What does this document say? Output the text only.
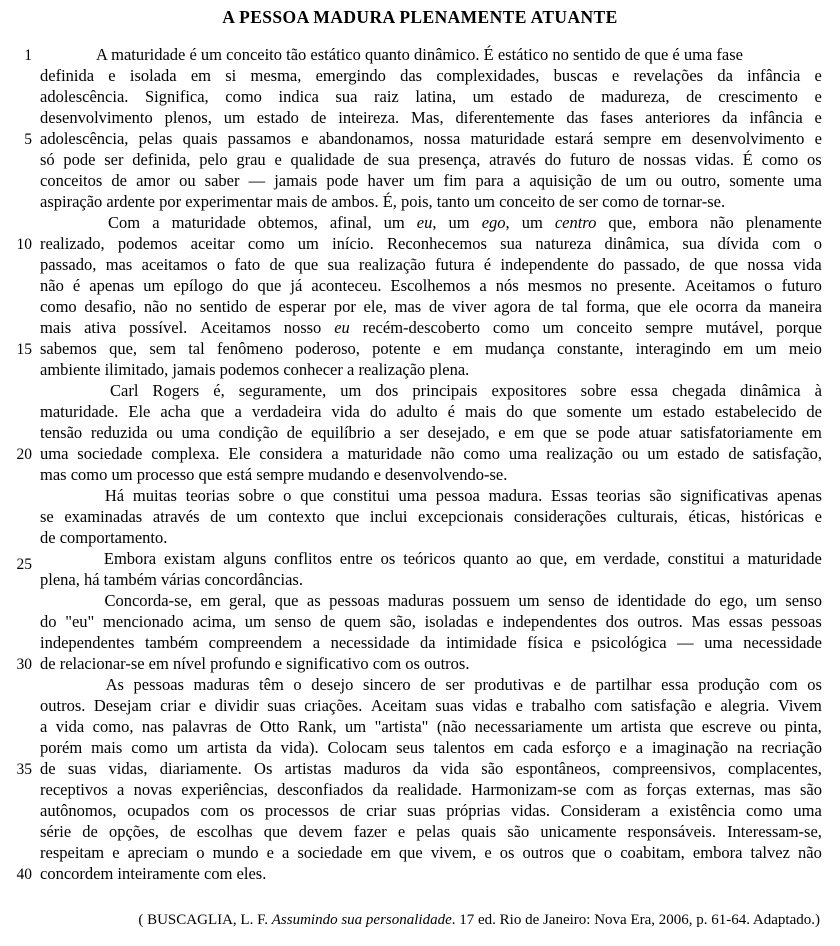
A PESSOA MADURA PLENAMENTE ATUANTE
1	A maturidade é um conceito tão estático quanto dinâmico. É estático no sentido de que é uma fase
definida e isolada em si mesma, emergindo das complexidades, buscas e revelações da infância e
adolescência. Significa, como indica sua raiz latina, um estado de madureza, de crescimento e
desenvolvimento plenos, um estado de inteireza. Mas, diferentemente das fases anteriores da infância e
5 adolescência, pelas quais passamos e abandonamos, nossa maturidade estará sempre em desenvolvimento e
só pode ser definida, pelo grau e qualidade de sua presença, através do futuro de nossas vidas. É como os
conceitos de amor ou saber — jamais pode haver um fim para a aquisição de um ou outro, somente uma
aspiração ardente por experimentar mais de ambos. É, pois, tanto um conceito de ser como de tornar-se.
Com a maturidade obtemos, afinal, um eu, um ego, um centro que, embora não plenamente
10 realizado, podemos aceitar como um início. Reconhecemos sua natureza dinâmica, sua dívida com o
passado, mas aceitamos o fato de que sua realização futura é independente do passado, de que nossa vida
não é apenas um epílogo do que já aconteceu. Escolhemos a nós mesmos no presente. Aceitamos o futuro
como desafio, não no sentido de esperar por ele, mas de viver agora de tal forma, que ele ocorra da maneira
mais ativa possível. Aceitamos nosso eu recém-descoberto como um conceito sempre mutável, porque
15 sabemos que, sem tal fenômeno poderoso, potente e em mudança constante, interagindo em um meio
ambiente ilimitado, jamais podemos conhecer a realização plena.
Carl Rogers é, seguramente, um dos principais expositores sobre essa chegada dinâmica à
maturidade. Ele acha que a verdadeira vida do adulto é mais do que somente um estado estabelecido de
tensão reduzida ou uma condição de equilíbrio a ser desejado, e em que se pode atuar satisfatoriamente em
20 uma sociedade complexa. Ele considera a maturidade não como uma realização ou um estado de satisfação,
mas como um processo que está sempre mudando e desenvolvendo-se.
Há muitas teorias sobre o que constitui uma pessoa madura. Essas teorias são significativas apenas
se examinadas através de um contexto que inclui excepcionais considerações culturais, éticas, históricas e
de comportamento.
25	Embora existam alguns conflitos entre os teóricos quanto ao que, em verdade, constitui a maturidade
plena, há também várias concordâncias.
Concorda-se, em geral, que as pessoas maduras possuem um senso de identidade do ego, um senso
do "eu" mencionado acima, um senso de quem são, isoladas e independentes dos outros. Mas essas pessoas
independentes também compreendem a necessidade da intimidade física e psicológica — uma necessidade
30 de relacionar-se em nível profundo e significativo com os outros.
As pessoas maduras têm o desejo sincero de ser produtivas e de partilhar essa produção com os
outros. Desejam criar e dividir suas criações. Aceitam suas vidas e trabalho com satisfação e alegria. Vivem
a vida como, nas palavras de Otto Rank, um "artista" (não necessariamente um artista que escreve ou pinta,
porém mais como um artista da vida). Colocam seus talentos em cada esforço e a imaginação na recriação
35 de suas vidas, diariamente. Os artistas maduros da vida são espontâneos, compreensivos, complacentes,
receptivos a novas experiências, desconfiados da realidade. Harmonizam-se com as forças externas, mas são
autônomos, ocupados com os processos de criar suas próprias vidas. Consideram a existência como uma
série de opções, de escolhas que devem fazer e pelas quais são unicamente responsáveis. Interessam-se,
respeitam e apreciam o mundo e a sociedade em que vivem, e os outros que o coabitam, embora talvez não
40 concordem inteiramente com eles.
( BUSCAGLIA, L. F. Assumindo sua personalidade. 17 ed. Rio de Janeiro: Nova Era, 2006, p. 61-64. Adaptado.)
